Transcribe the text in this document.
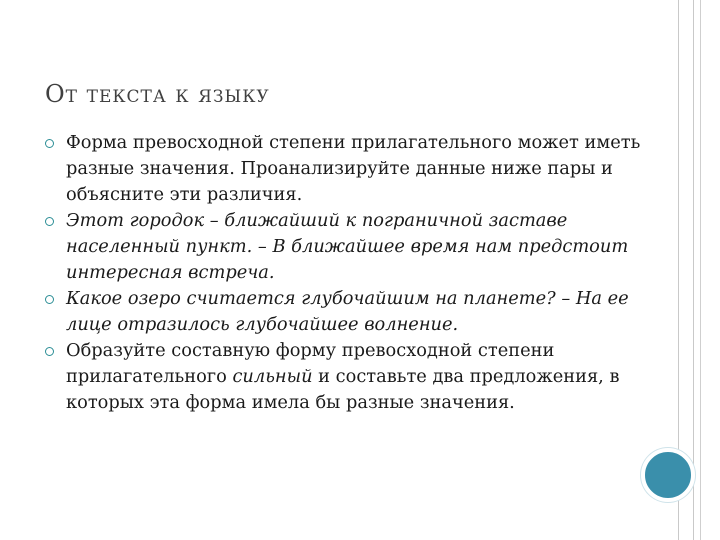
От текста к языку

Форма превосходной степени прилагательного может иметь разные значения. Проанализируйте данные ниже пары и объясните эти различия.

Этот городок – ближайший к пограничной заставе населенный пункт. – В ближайшее время нам предстоит интересная встреча.

Какое озеро считается глубочайшим на планете? – На ее лице отразилось глубочайшее волнение.

Образуйте составную форму превосходной степени прилагательного сильный и составьте два предложения, в которых эта форма имела бы разные значения.
